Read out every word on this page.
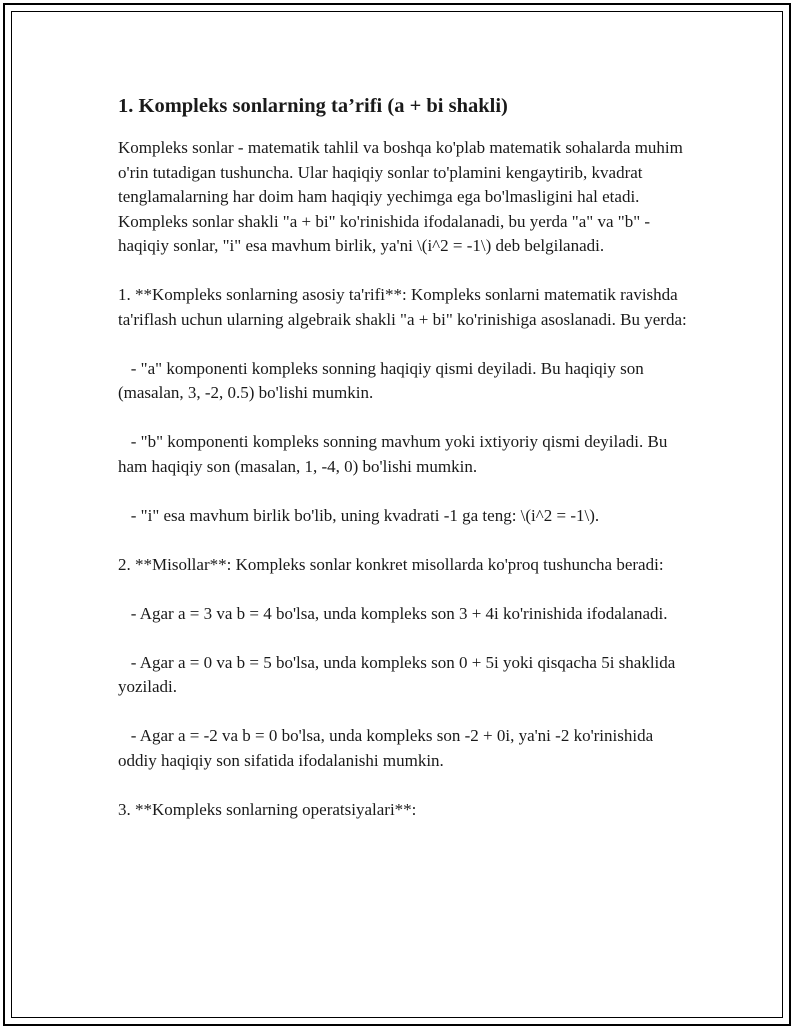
1. Kompleks sonlarning ta’rifi (a + bi shakli)

Kompleks sonlar - matematik tahlil va boshqa ko'plab matematik sohalarda muhim o'rin tutadigan tushuncha. Ular haqiqiy sonlar to'plamini kengaytirib, kvadrat tenglamalarning har doim ham haqiqiy yechimga ega bo'lmasligini hal etadi. Kompleks sonlar shakli "a + bi" ko'rinishida ifodalanadi, bu yerda "a" va "b" - haqiqiy sonlar, "i" esa mavhum birlik, ya'ni \(i^2 = -1\) deb belgilanadi.

1. **Kompleks sonlarning asosiy ta'rifi**: Kompleks sonlarni matematik ravishda ta'riflash uchun ularning algebraik shakli "a + bi" ko'rinishiga asoslanadi. Bu yerda:

- "a" komponenti kompleks sonning haqiqiy qismi deyiladi. Bu haqiqiy son (masalan, 3, -2, 0.5) bo'lishi mumkin.

- "b" komponenti kompleks sonning mavhum yoki ixtiyoriy qismi deyiladi. Bu ham haqiqiy son (masalan, 1, -4, 0) bo'lishi mumkin.

- "i" esa mavhum birlik bo'lib, uning kvadrati -1 ga teng: \(i^2 = -1\).

2. **Misollar**: Kompleks sonlar konkret misollarda ko'proq tushuncha beradi:

- Agar a = 3 va b = 4 bo'lsa, unda kompleks son 3 + 4i ko'rinishida ifodalanadi.

- Agar a = 0 va b = 5 bo'lsa, unda kompleks son 0 + 5i yoki qisqacha 5i shaklida yoziladi.

- Agar a = -2 va b = 0 bo'lsa, unda kompleks son -2 + 0i, ya'ni -2 ko'rinishida oddiy haqiqiy son sifatida ifodalanishi mumkin.

3. **Kompleks sonlarning operatsiyalari**:
